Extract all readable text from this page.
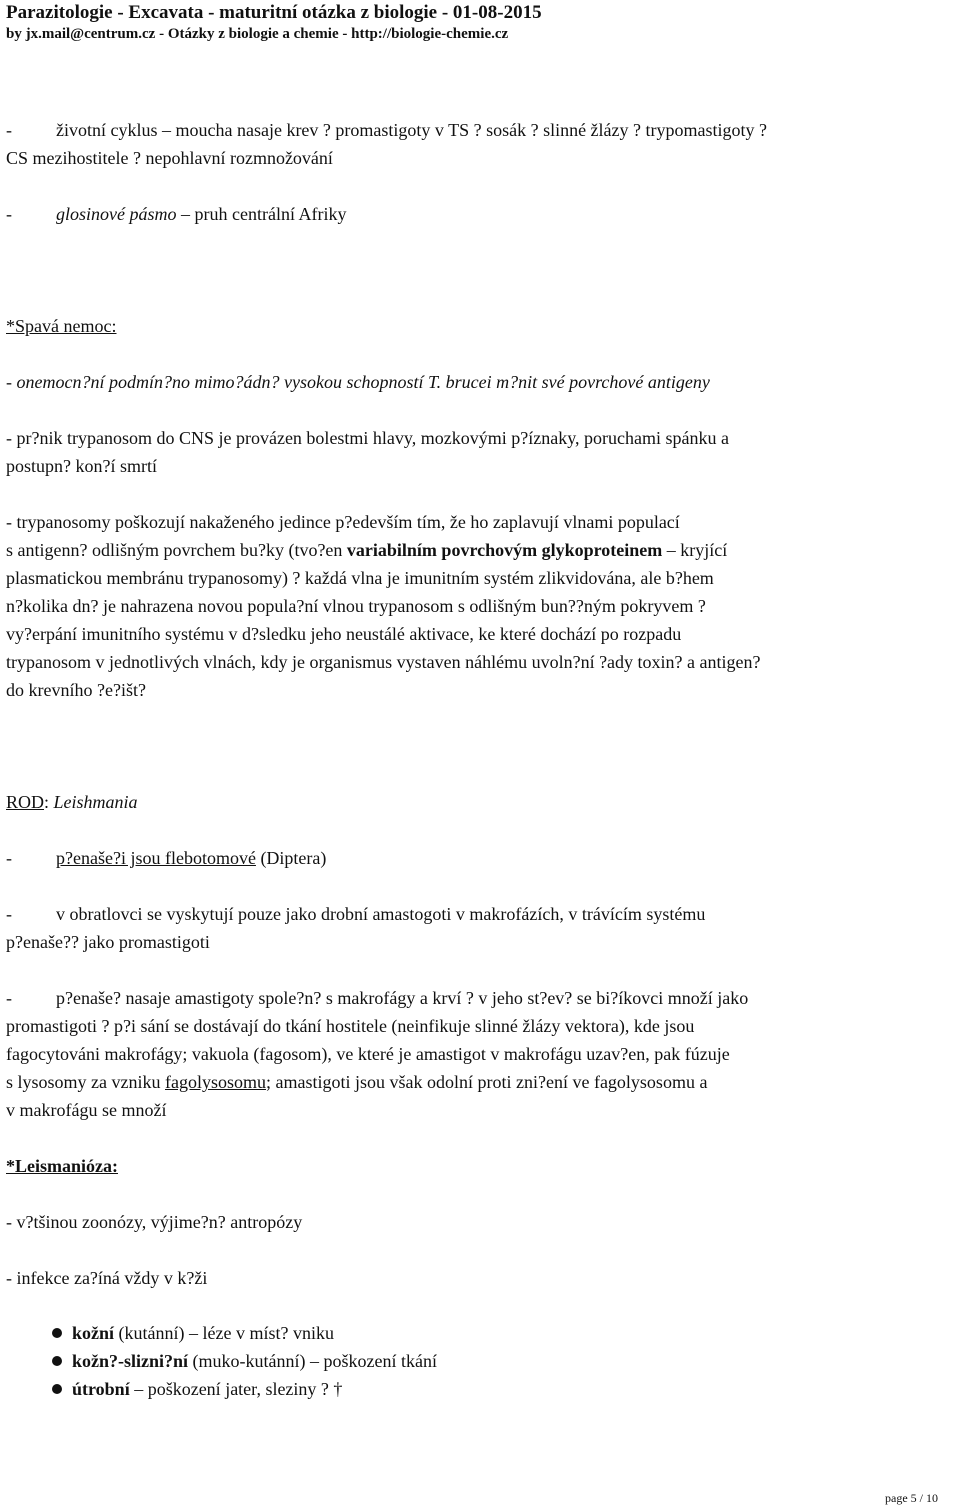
Parazitologie - Excavata - maturitní otázka z biologie - 01-08-2015
by jx.mail@centrum.cz - Otázky z biologie a chemie - http://biologie-chemie.cz
- životní cyklus – moucha nasaje krev ? promastigoty v TS ? sosák ? slinné žlázy ? trypomastigoty ?
CS mezihostitele ? nepohlavní rozmnožování
- glosinové pásmo – pruh centrální Afriky
*Spavá nemoc:
- onemocn?ní podmín?no mimo?ádn? vysokou schopností T. brucei m?nit své povrchové antigeny
- pr?nik trypanosom do CNS je provázen bolestmi hlavy, mozkovými p?íznaky, poruchami spánku a
postupn? kon?í smrtí
- trypanosomy poškozují nakaženého jedince p?edevším tím, že ho zaplavují vlnami populací
s antigenn? odlišným povrchem bu?ky (tvo?en variabilním povrchovým glykoproteinem – kryjící
plasmatickou membránu trypanosomy) ? každá vlna je imunitním systém zlikvidována, ale b?hem
n?kolika dn? je nahrazena novou popula?ní vlnou trypanosom s odlišným bun??ným pokryvem ?
vy?erpání imunitního systému v d?sledku jeho neustálé aktivace, ke které dochází po rozpadu
trypanosom v jednotlivých vlnách, kdy je organismus vystaven náhlému uvoln?ní ?ady toxin? a antigen?
do krevního ?e?išt?
ROD: Leishmania
- p?enaše?i jsou flebotomové (Diptera)
- v obratlovci se vyskytují pouze jako drobní amastogoti v makrofázích, v trávícím systému
p?enaše?? jako promastigoti
- p?enaše? nasaje amastigoty spole?n? s makrofágy a krví ? v jeho st?ev? se bi?íkovci množí jako
promastigoti ? p?i sání se dostávají do tkání hostitele (neinfikuje slinné žlázy vektora), kde jsou
fagocytováni makrofágy; vakuola (fagosom), ve které je amastigot v makrofágu uzav?en, pak fúzuje
s lysosomy za vzniku fagolysosomu; amastigoti jsou však odolní proti zni?ení ve fagolysosomu a
v makrofágu se množí
*Leismanióza:
- v?tšinou zoonózy, výjime?n? antropózy
- infekce za?íná vždy v k?ži
kožní (kutánní) – léze v míst? vniku
kožn?-slizni?ní (muko-kutánní) – poškození tkání
útrobní – poškození jater, sleziny ? †
page 5 / 10
